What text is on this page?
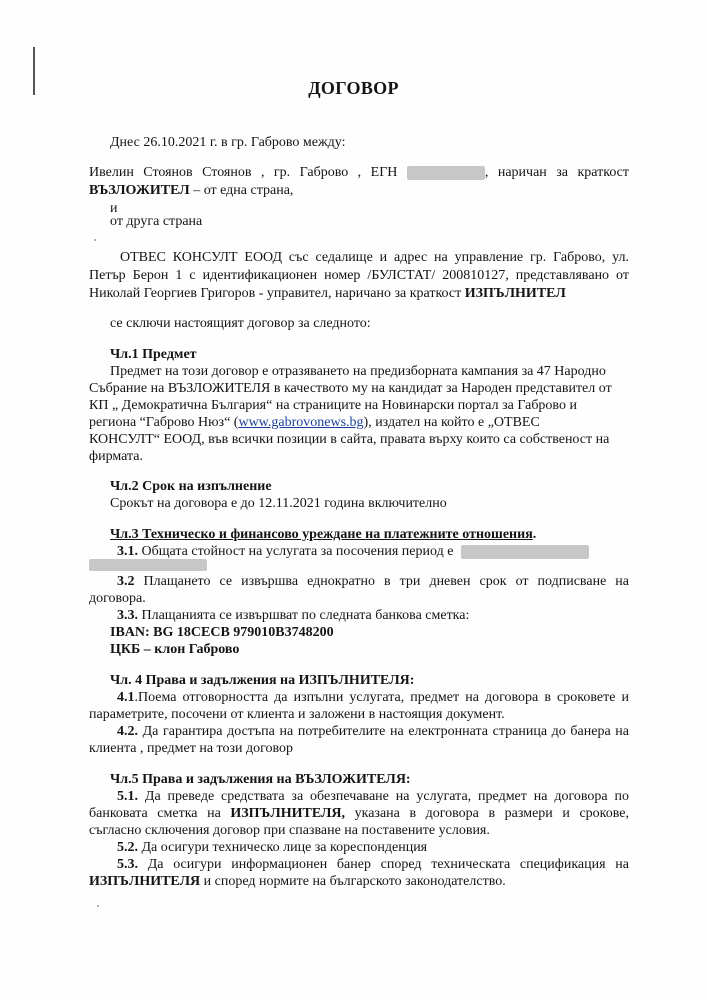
ДОГОВОР
Днес 26.10.2021 г. в гр. Габрово между:
Ивелин Стоянов Стоянов , гр. Габрово , ЕГН	, наричан за краткост
ВЪЗЛОЖИТЕЛ – от една страна,
и
от друга страна
ОТВЕС КОНСУЛТ ЕООД със седалище и адрес на управление гр. Габрово, ул.
Петър Берон 1 с идентификационен номер /БУЛСТАТ/ 200810127, представлявано от
Николай Георгиев Григоров - управител, наричано за краткост ИЗПЪЛНИТЕЛ
се сключи настоящият договор за следното:
Чл.1 Предмет
Предмет на този договор е отразяването на предизборната кампания за 47 Народно
Събрание на ВЪЗЛОЖИТЕЛЯ в качеството му на кандидат за Народен представител от
КП „ Демократична България“ на страниците на Новинарски портал за Габрово и
региона “Габрово Нюз“ (www.gabrovonews.bg), издател на който е „ОТВЕС
КОНСУЛТ“ ЕООД, във всички позиции в сайта, правата върху които са собственост на
фирмата.
Чл.2 Срок на изпълнение
Срокът на договора е до 12.11.2021 година включително
Чл.3 Техническо и финансово уреждане на платежните отношения.
3.1. Общата стойност на услугата за посочения период е
3.2 Плащането се извършва еднократно в три дневен срок от подписване на
договора.
3.3. Плащанията се извършват по следната банкова сметка:
IBAN: BG 18CECB 979010B3748200
ЦКБ – клон Габрово
Чл. 4 Права и задължения на ИЗПЪЛНИТЕЛЯ:
4.1.Поема отговорността да изпълни услугата, предмет на договора в сроковете и
параметрите, посочени от клиента и заложени в настоящия документ.
4.2. Да гарантира достъпа на потребителите на електронната страница до банера на
клиента , предмет на този договор
Чл.5 Права и задължения на ВЪЗЛОЖИТЕЛЯ:
5.1. Да преведе средствата за обезпечаване на услугата, предмет на договора по
банковата сметка на ИЗПЪЛНИТЕЛЯ, указана в договора в размери и срокове,
съгласно сключения договор при спазване на поставените условия.
5.2. Да осигури техническо лице за кореспонденция
5.3. Да осигури информационен банер според техническата спецификация на
ИЗПЪЛНИТЕЛЯ и според нормите на българското законодателство.
